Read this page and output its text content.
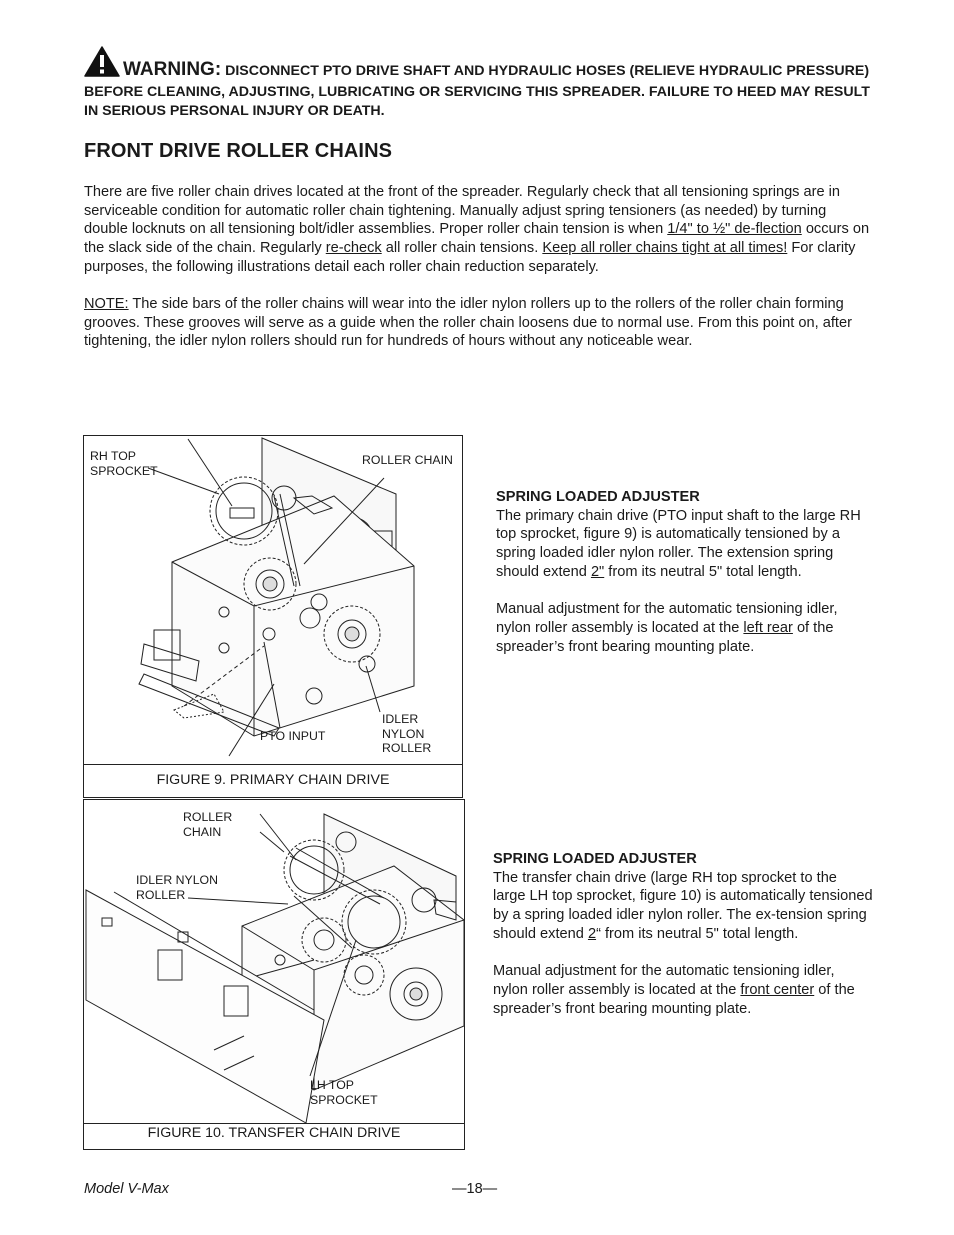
WARNING: DISCONNECT PTO DRIVE SHAFT AND HYDRAULIC HOSES (RELIEVE HYDRAULIC PRESSURE) BEFORE CLEANING, ADJUSTING, LUBRICATING OR SERVICING THIS SPREADER. FAILURE TO HEED MAY RESULT IN SERIOUS PERSONAL INJURY OR DEATH.
FRONT DRIVE ROLLER CHAINS
There are five roller chain drives located at the front of the spreader. Regularly check that all tensioning springs are in serviceable condition for automatic roller chain tightening. Manually adjust spring tensioners (as needed) by turning double locknuts on all tensioning bolt/idler assemblies. Proper roller chain tension is when 1/4" to ½" de-flection occurs on the slack side of the chain. Regularly re-check all roller chain tensions. Keep all roller chains tight at all times! For clarity purposes, the following illustrations detail each roller chain reduction separately.
NOTE: The side bars of the roller chains will wear into the idler nylon rollers up to the rollers of the roller chain forming grooves. These grooves will serve as a guide when the roller chain loosens due to normal use. From this point on, after tightening, the idler nylon rollers should run for hundreds of hours without any noticeable wear.
RH TOP
SPROCKET
ROLLER CHAIN
PTO INPUT
IDLER
NYLON
ROLLER
FIGURE 9. PRIMARY CHAIN DRIVE
ROLLER
CHAIN
IDLER NYLON
ROLLER
LH TOP
SPROCKET
FIGURE 10. TRANSFER CHAIN DRIVE
SPRING LOADED ADJUSTER
The primary chain drive (PTO input shaft to the large RH top sprocket, figure 9) is automatically tensioned by a spring loaded idler nylon roller. The extension spring should extend 2" from its neutral 5" total length.
Manual adjustment for the automatic tensioning idler, nylon roller assembly is located at the left rear of the spreader’s front bearing mounting plate.
SPRING LOADED ADJUSTER
The transfer chain drive (large RH top sprocket to the large LH top sprocket, figure 10) is automatically tensioned by a spring loaded idler nylon roller. The ex-tension spring should extend 2“ from its neutral 5" total length.
Manual adjustment for the automatic tensioning idler, nylon roller assembly is located at the front center of the spreader’s front bearing mounting plate.
Model V-Max	—18—
